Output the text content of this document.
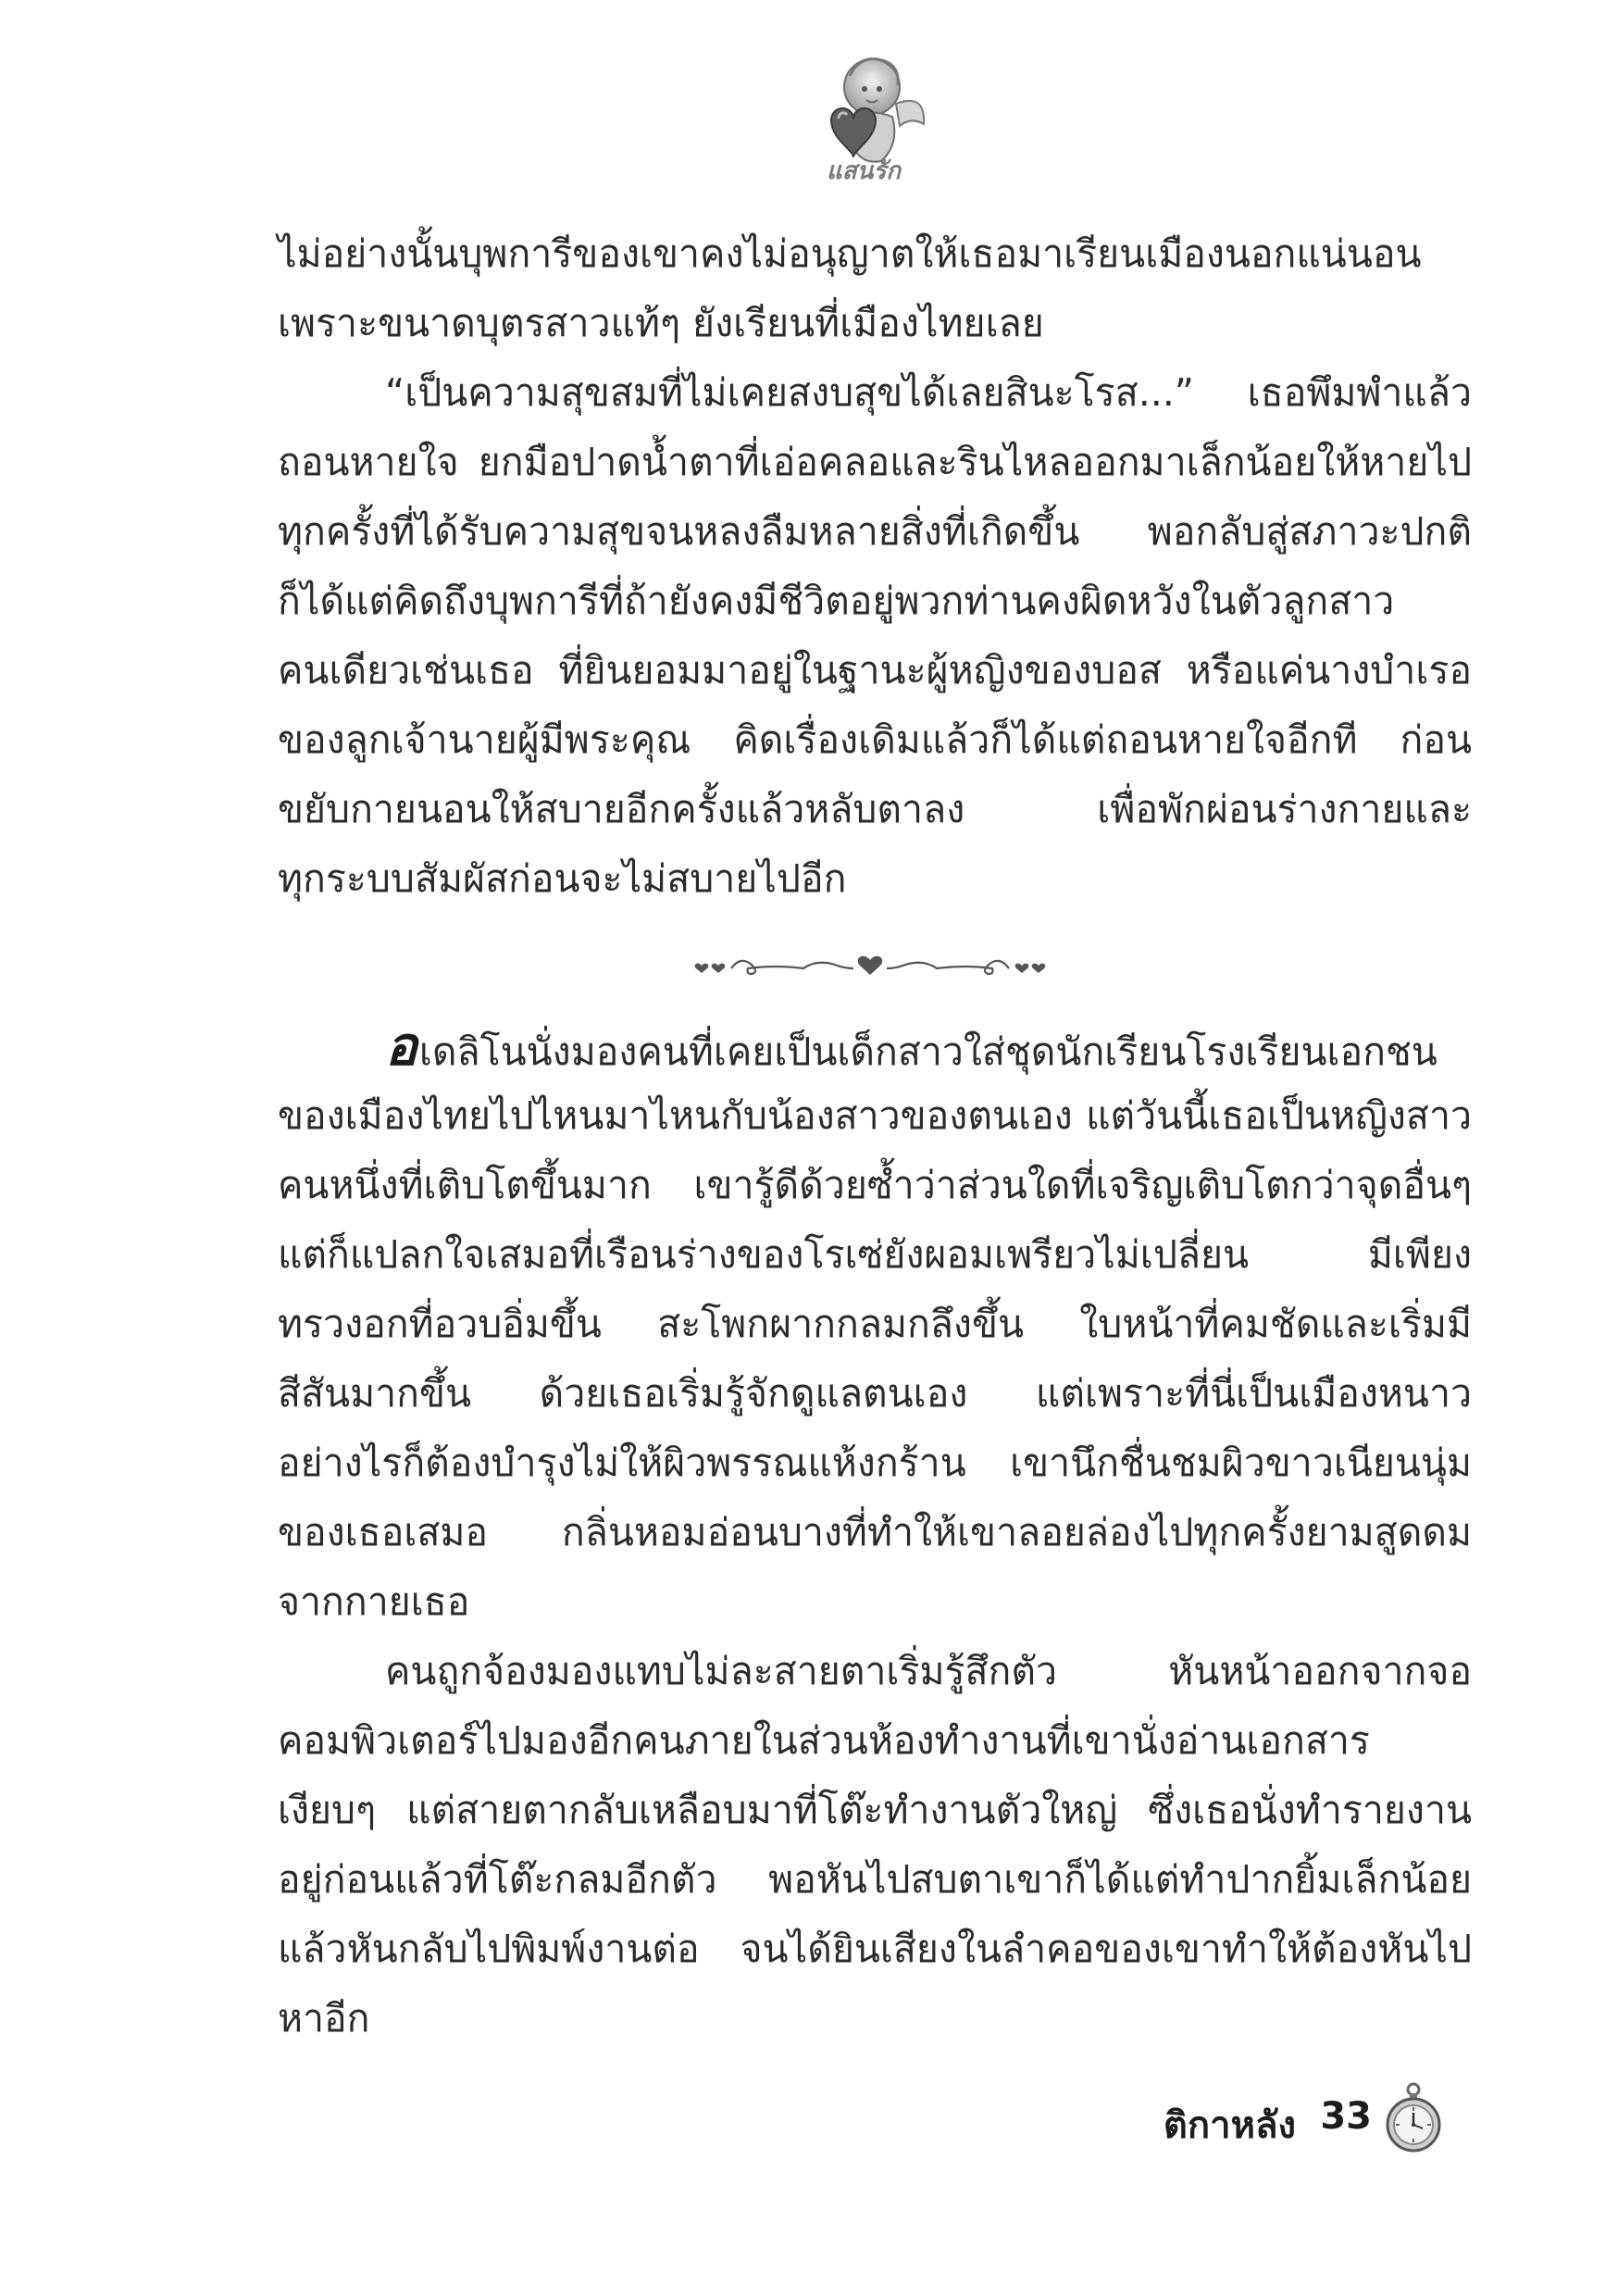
แสนรัก
ไม่อย่างนั้นบุพการีของเขาคงไม่อนุญาตให้เธอมาเรียนเมืองนอกแน่นอน
เพราะขนาดบุตรสาวแท้ๆ ยังเรียนที่เมืองไทยเลย
“เป็นความสุขสมที่ไม่เคยสงบสุขได้เลยสินะโรส...” เธอพึมพำแล้ว
ถอนหายใจ ยกมือปาดน้ำตาที่เอ่อคลอและรินไหลออกมาเล็กน้อยให้หายไป
ทุกครั้งที่ได้รับความสุขจนหลงลืมหลายสิ่งที่เกิดขึ้น พอกลับสู่สภาวะปกติ
ก็ได้แต่คิดถึงบุพการีที่ถ้ายังคงมีชีวิตอยู่พวกท่านคงผิดหวังในตัวลูกสาว
คนเดียวเช่นเธอ ที่ยินยอมมาอยู่ในฐานะผู้หญิงของบอส หรือแค่นางบำเรอ
ของลูกเจ้านายผู้มีพระคุณ คิดเรื่องเดิมแล้วก็ได้แต่ถอนหายใจอีกที ก่อน
ขยับกายนอนให้สบายอีกครั้งแล้วหลับตาลง เพื่อพักผ่อนร่างกายและ
ทุกระบบสัมผัสก่อนจะไม่สบายไปอีก
อเดลิโนนั่งมองคนที่เคยเป็นเด็กสาวใส่ชุดนักเรียนโรงเรียนเอกชน
ของเมืองไทยไปไหนมาไหนกับน้องสาวของตนเอง แต่วันนี้เธอเป็นหญิงสาว
คนหนึ่งที่เติบโตขึ้นมาก เขารู้ดีด้วยซ้ำว่าส่วนใดที่เจริญเติบโตกว่าจุดอื่นๆ
แต่ก็แปลกใจเสมอที่เรือนร่างของโรเซ่ยังผอมเพรียวไม่เปลี่ยน มีเพียง
ทรวงอกที่อวบอิ่มขึ้น สะโพกผากกลมกลึงขึ้น ใบหน้าที่คมชัดและเริ่มมี
สีสันมากขึ้น ด้วยเธอเริ่มรู้จักดูแลตนเอง แต่เพราะที่นี่เป็นเมืองหนาว
อย่างไรก็ต้องบำรุงไม่ให้ผิวพรรณแห้งกร้าน เขานึกชื่นชมผิวขาวเนียนนุ่ม
ของเธอเสมอ กลิ่นหอมอ่อนบางที่ทำให้เขาลอยล่องไปทุกครั้งยามสูดดม
จากกายเธอ
คนถูกจ้องมองแทบไม่ละสายตาเริ่มรู้สึกตัว หันหน้าออกจากจอ
คอมพิวเตอร์ไปมองอีกคนภายในส่วนห้องทำงานที่เขานั่งอ่านเอกสาร
เงียบๆ แต่สายตากลับเหลือบมาที่โต๊ะทำงานตัวใหญ่ ซึ่งเธอนั่งทำรายงาน
อยู่ก่อนแล้วที่โต๊ะกลมอีกตัว พอหันไปสบตาเขาก็ได้แต่ทำปากยิ้มเล็กน้อย
แล้วหันกลับไปพิมพ์งานต่อ จนได้ยินเสียงในลำคอของเขาทำให้ต้องหันไป
หาอีก
ติกาหลัง 33
